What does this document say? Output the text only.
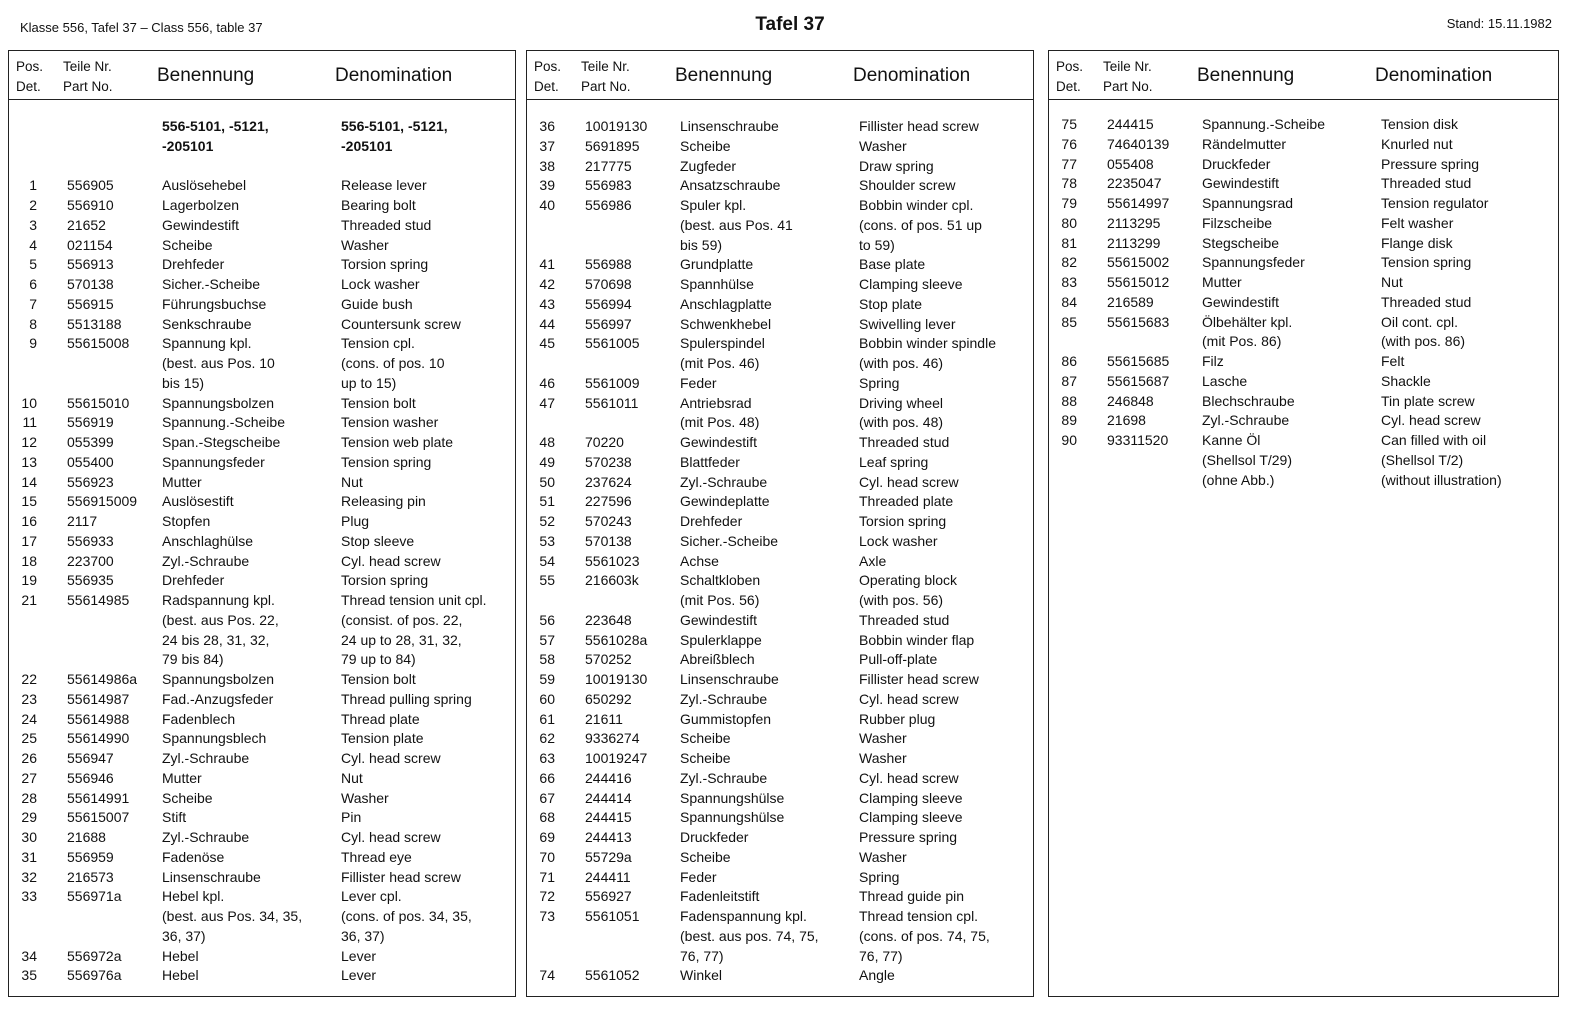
Klasse 556, Tafel 37 – Class 556, table 37	Tafel 37	Stand: 15.11.1982
Pos.
Det.
Teile Nr.
Part No.
Benennung	Denomination
556-5101, -5121,	556-5101, -5121,
-205101	-205101
1 556905	Auslösehebel	Release lever
2 556910	Lagerbolzen	Bearing bolt
3 21652	Gewindestift	Threaded stud
4 021154	Scheibe	Washer
5 556913	Drehfeder	Torsion spring
6 570138	Sicher.-Scheibe	Lock washer
7 556915	Führungsbuchse	Guide bush
8 5513188	Senkschraube	Countersunk screw
9 55615008 Spannung kpl.	Tension cpl.
(best. aus Pos. 10	(cons. of pos. 10
bis 15)	up to 15)
10 55615010 Spannungsbolzen	Tension bolt
11 556919	Spannung.-Scheibe	Tension washer
12 055399	Span.-Stegscheibe	Tension web plate
13 055400	Spannungsfeder	Tension spring
14 556923	Mutter	Nut
15 556915009 Auslösestift	Releasing pin
16 2117	Stopfen	Plug
17 556933	Anschlaghülse	Stop sleeve
18 223700	Zyl.-Schraube	Cyl. head screw
19 556935	Drehfeder	Torsion spring
21 55614985 Radspannung kpl.	Thread tension unit cpl.
(best. aus Pos. 22,	(consist. of pos. 22,
24 bis 28, 31, 32,	24 up to 28, 31, 32,
79 bis 84)	79 up to 84)
22 55614986a Spannungsbolzen	Tension bolt
23 55614987 Fad.-Anzugsfeder	Thread pulling spring
24 55614988 Fadenblech	Thread plate
25 55614990 Spannungsblech	Tension plate
26 556947	Zyl.-Schraube	Cyl. head screw
27 556946	Mutter	Nut
28 55614991 Scheibe	Washer
29 55615007 Stift	Pin
30 21688	Zyl.-Schraube	Cyl. head screw
31 556959	Fadenöse	Thread eye
32 216573	Linsenschraube	Fillister head screw
33 556971a	Hebel kpl.	Lever cpl.
(best. aus Pos. 34, 35,	(cons. of pos. 34, 35,
36, 37)	36, 37)
34 556972a	Hebel	Lever
35 556976a	Hebel	Lever
Pos.
Det.
Teile Nr.
Part No.
Benennung	Denomination
36 10019130 Linsenschraube	Fillister head screw
37 5691895	Scheibe	Washer
38 217775	Zugfeder	Draw spring
39 556983	Ansatzschraube	Shoulder screw
40 556986	Spuler kpl.	Bobbin winder cpl.
(best. aus Pos. 41	(cons. of pos. 51 up
bis 59)	to 59)
41 556988	Grundplatte	Base plate
42 570698	Spannhülse	Clamping sleeve
43 556994	Anschlagplatte	Stop plate
44 556997	Schwenkhebel	Swivelling lever
45 5561005	Spulerspindel	Bobbin winder spindle
(mit Pos. 46)	(with pos. 46)
46 5561009	Feder	Spring
47 5561011	Antriebsrad	Driving wheel
(mit Pos. 48)	(with pos. 48)
48 70220	Gewindestift	Threaded stud
49 570238	Blattfeder	Leaf spring
50 237624	Zyl.-Schraube	Cyl. head screw
51 227596	Gewindeplatte	Threaded plate
52 570243	Drehfeder	Torsion spring
53 570138	Sicher.-Scheibe	Lock washer
54 5561023	Achse	Axle
55 216603k	Schaltkloben	Operating block
(mit Pos. 56)	(with pos. 56)
56 223648	Gewindestift	Threaded stud
57 5561028a Spulerklappe	Bobbin winder flap
58 570252	Abreißblech	Pull-off-plate
59 10019130 Linsenschraube	Fillister head screw
60 650292	Zyl.-Schraube	Cyl. head screw
61 21611	Gummistopfen	Rubber plug
62 9336274	Scheibe	Washer
63 10019247 Scheibe	Washer
66 244416	Zyl.-Schraube	Cyl. head screw
67 244414	Spannungshülse	Clamping sleeve
68 244415	Spannungshülse	Clamping sleeve
69 244413	Druckfeder	Pressure spring
70 55729a	Scheibe	Washer
71 244411	Feder	Spring
72 556927	Fadenleitstift	Thread guide pin
73 5561051	Fadenspannung kpl.	Thread tension cpl.
(best. aus pos. 74, 75,	(cons. of pos. 74, 75,
76, 77)	76, 77)
74 5561052	Winkel	Angle
Pos.
Det.
Teile Nr.
Part No.
Benennung	Denomination
75 244415	Spannung.-Scheibe	Tension disk
76 74640139 Rändelmutter	Knurled nut
77 055408	Druckfeder	Pressure spring
78 2235047	Gewindestift	Threaded stud
79 55614997 Spannungsrad	Tension regulator
80 2113295	Filzscheibe	Felt washer
81 2113299	Stegscheibe	Flange disk
82 55615002 Spannungsfeder	Tension spring
83 55615012 Mutter	Nut
84 216589	Gewindestift	Threaded stud
85 55615683 Ölbehälter kpl.	Oil cont. cpl.
(mit Pos. 86)	(with pos. 86)
86 55615685 Filz	Felt
87 55615687 Lasche	Shackle
88 246848	Blechschraube	Tin plate screw
89 21698	Zyl.-Schraube	Cyl. head screw
90 93311520 Kanne Öl	Can filled with oil
(Shellsol T/29)	(Shellsol T/2)
(ohne Abb.)	(without illustration)
